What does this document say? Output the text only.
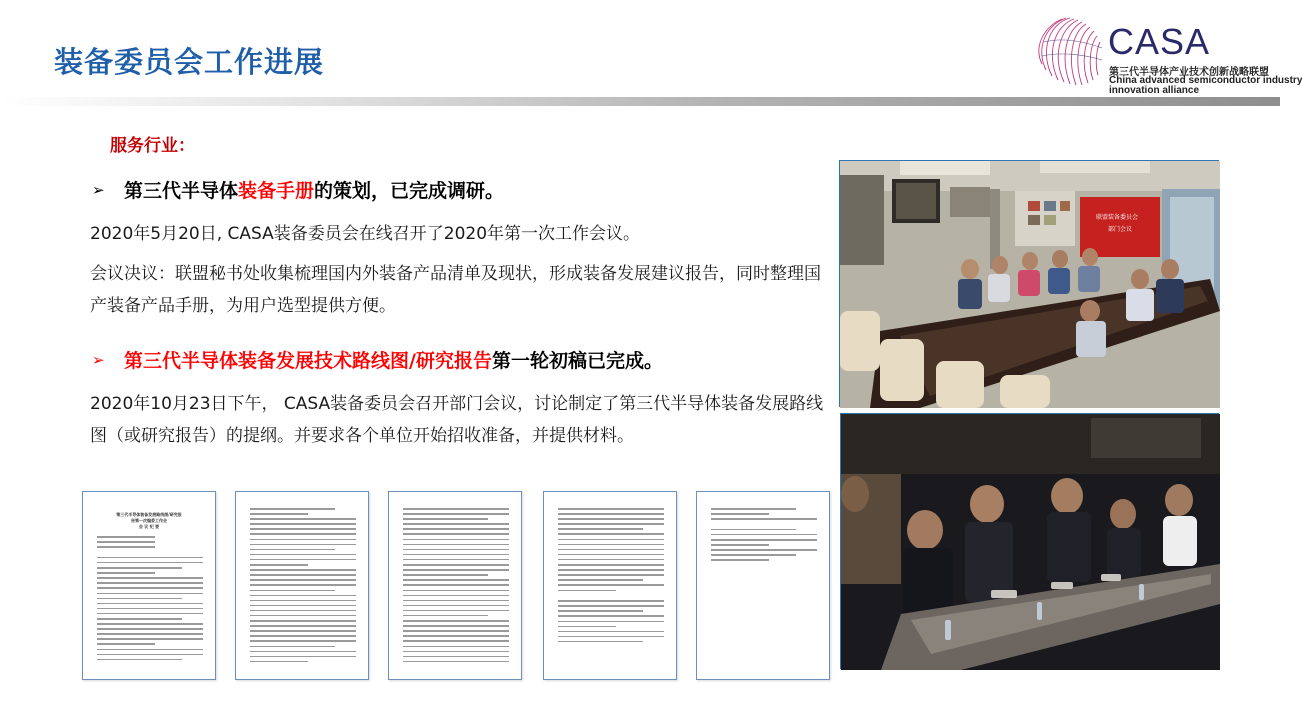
装备委员会工作进展	CASA
第三代半导体产业技术创新战略联盟
China advanced semiconductor industry
innovation alliance
服务行业：
➢	第三代半导体 装备手册 的策划，已完成调研。
2020年5月20日, CASA装备委员会在线召开了2020年第一次工作会议。
会议决议：联盟秘书处收集梳理国内外装备产品清单及现状，形成装备发展建议报告，同时整理国产装备产品手册，为用户选型提供方便。
➢	第三代半导体装备发展技术路线图/研究报告 第一轮初稿已完成。
2020年10月23日下午， CASA装备委员会召开部门会议，讨论制定了第三代半导体装备发展路线图（或研究报告）的提纲。并要求各个单位开始招收准备，并提供材料。
联盟装备委员会
部门会议
第三代半导体装备发展路线图/研究报
告第一次编委工作会
会 议 纪 要
